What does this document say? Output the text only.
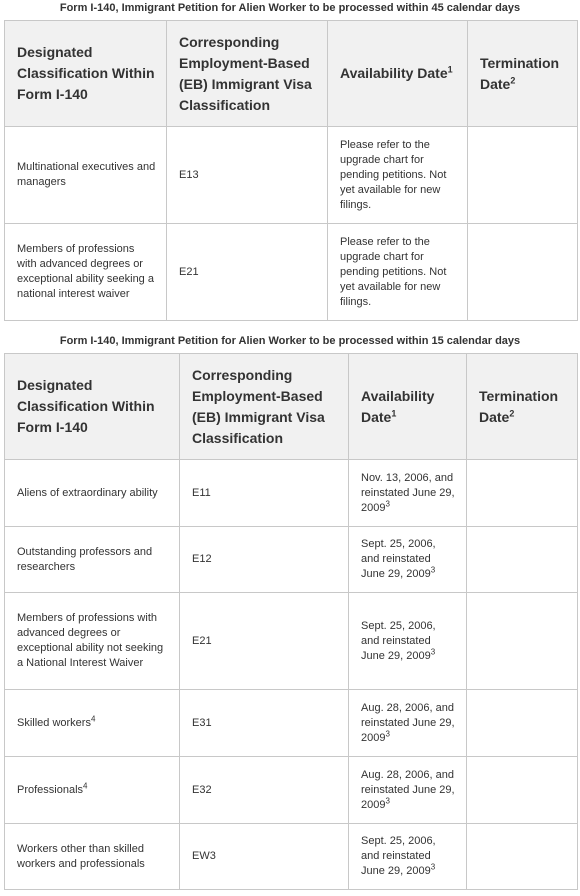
Form I-140, Immigrant Petition for Alien Worker to be processed within 45 calendar days
Designated Classification Within Form I-140	Corresponding Employment-Based (EB) Immigrant Visa Classification	Availability Date$^1$	Termination Date$^2$
Multinational executives and managers	E13	Please refer to the upgrade chart for pending petitions. Not yet available for new filings.	
Members of professions with advanced degrees or exceptional ability seeking a national interest waiver	E21	Please refer to the upgrade chart for pending petitions. Not yet available for new filings.	
Form I-140, Immigrant Petition for Alien Worker to be processed within 15 calendar days
Designated Classification Within Form I-140	Corresponding Employment-Based (EB) Immigrant Visa Classification	Availability Date$^1$	Termination Date$^2$
Aliens of extraordinary ability	E11	Nov. 13, 2006, and reinstated June 29, 2009$^3$	
Outstanding professors and researchers	E12	Sept. 25, 2006, and reinstated June 29, 2009$^3$	
Members of professions with advanced degrees or exceptional ability not seeking a National Interest Waiver	E21	Sept. 25, 2006, and reinstated June 29, 2009$^3$	
Skilled workers$^4$	E31	Aug. 28, 2006, and reinstated June 29, 2009$^3$	
Professionals$^4$	E32	Aug. 28, 2006, and reinstated June 29, 2009$^3$	
Workers other than skilled workers and professionals	EW3	Sept. 25, 2006, and reinstated June 29, 2009$^3$	
